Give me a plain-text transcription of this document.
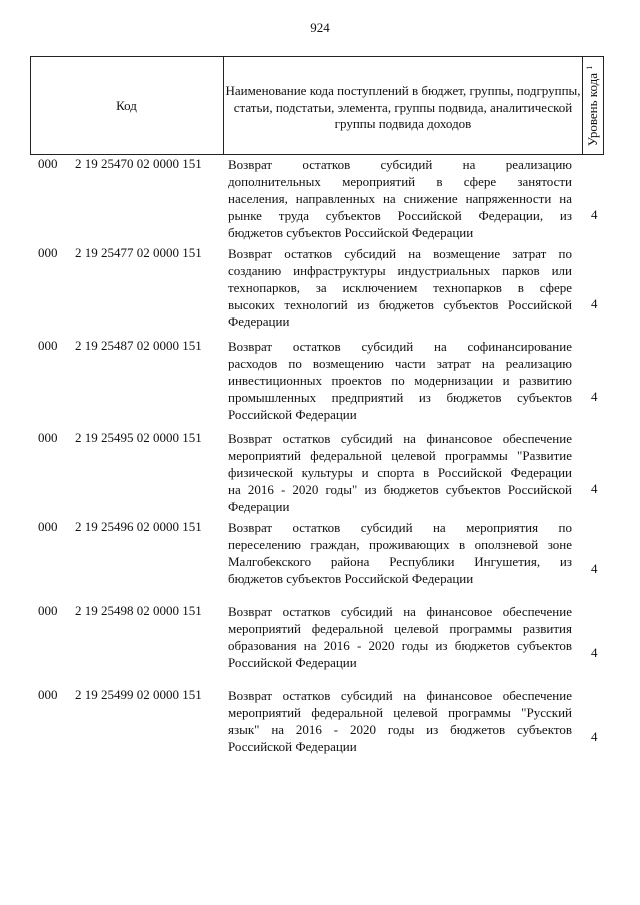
924
Код
Наименование кода поступлений в бюджет, группы, подгруппы, статьи, подстатьи, элемента, группы подвида, аналитической группы подвида доходов	Уровень кода $^1$
000 2 19 25470 02 0000 151 Возврат остатков субсидий на реализацию
дополнительных мероприятий в сфере занятости
населения, направленных на снижение напряженности на
рынке труда субъектов Российской Федерации, из
бюджетов субъектов Российской Федерации
4
000 2 19 25477 02 0000 151 Возврат остатков субсидий на возмещение затрат по
созданию инфраструктуры индустриальных парков или
технопарков, за исключением технопарков в сфере
высоких технологий из бюджетов субъектов Российской
Федерации
4
000 2 19 25487 02 0000 151 Возврат остатков субсидий на софинансирование
расходов по возмещению части затрат на реализацию
инвестиционных проектов по модернизации и развитию
промышленных предприятий из бюджетов субъектов
Российской Федерации
4
000 2 19 25495 02 0000 151 Возврат остатков субсидий на финансовое обеспечение
мероприятий федеральной целевой программы "Развитие
физической культуры и спорта в Российской Федерации
на 2016 - 2020 годы" из бюджетов субъектов Российской
Федерации
4
000 2 19 25496 02 0000 151 Возврат остатков субсидий на мероприятия по
переселению граждан, проживающих в оползневой зоне
Малгобекского района Республики Ингушетия, из
бюджетов субъектов Российской Федерации
4
000 2 19 25498 02 0000 151 Возврат остатков субсидий на финансовое обеспечение
мероприятий федеральной целевой программы развития
образования на 2016 - 2020 годы из бюджетов субъектов
Российской Федерации
4
000 2 19 25499 02 0000 151 Возврат остатков субсидий на финансовое обеспечение
мероприятий федеральной целевой программы "Русский
язык" на 2016 - 2020 годы из бюджетов субъектов
Российской Федерации
4
